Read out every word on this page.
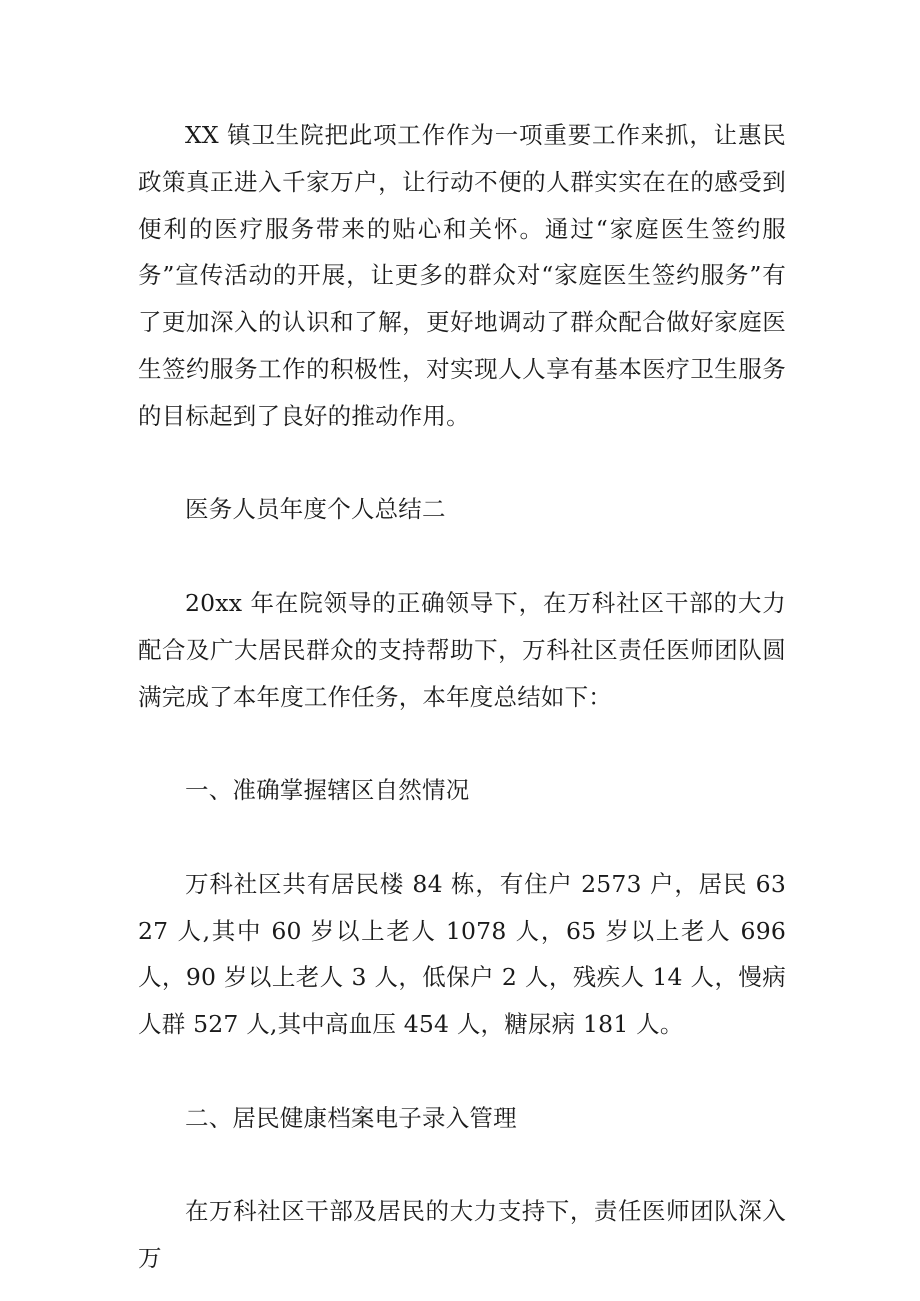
XX 镇卫生院把此项工作作为一项重要工作来抓，让惠民政策真正进入千家万户，让行动不便的人群实实在在的感受到便利的医疗服务带来的贴心和关怀。通过“家庭医生签约服务”宣传活动的开展，让更多的群众对“家庭医生签约服务”有了更加深入的认识和了解，更好地调动了群众配合做好家庭医生签约服务工作的积极性，对实现人人享有基本医疗卫生服务的目标起到了良好的推动作用。

医务人员年度个人总结二

20xx 年在院领导的正确领导下，在万科社区干部的大力配合及广大居民群众的支持帮助下，万科社区责任医师团队圆满完成了本年度工作任务，本年度总结如下：

一、准确掌握辖区自然情况

万科社区共有居民楼 84 栋，有住户 2573 户，居民 6327 人,其中 60 岁以上老人 1078 人，65 岁以上老人 696 人，90 岁以上老人 3 人，低保户 2 人，残疾人 14 人，慢病人群 527 人,其中高血压 454 人，糖尿病 181 人。

二、居民健康档案电子录入管理

在万科社区干部及居民的大力支持下，责任医师团队深入万
